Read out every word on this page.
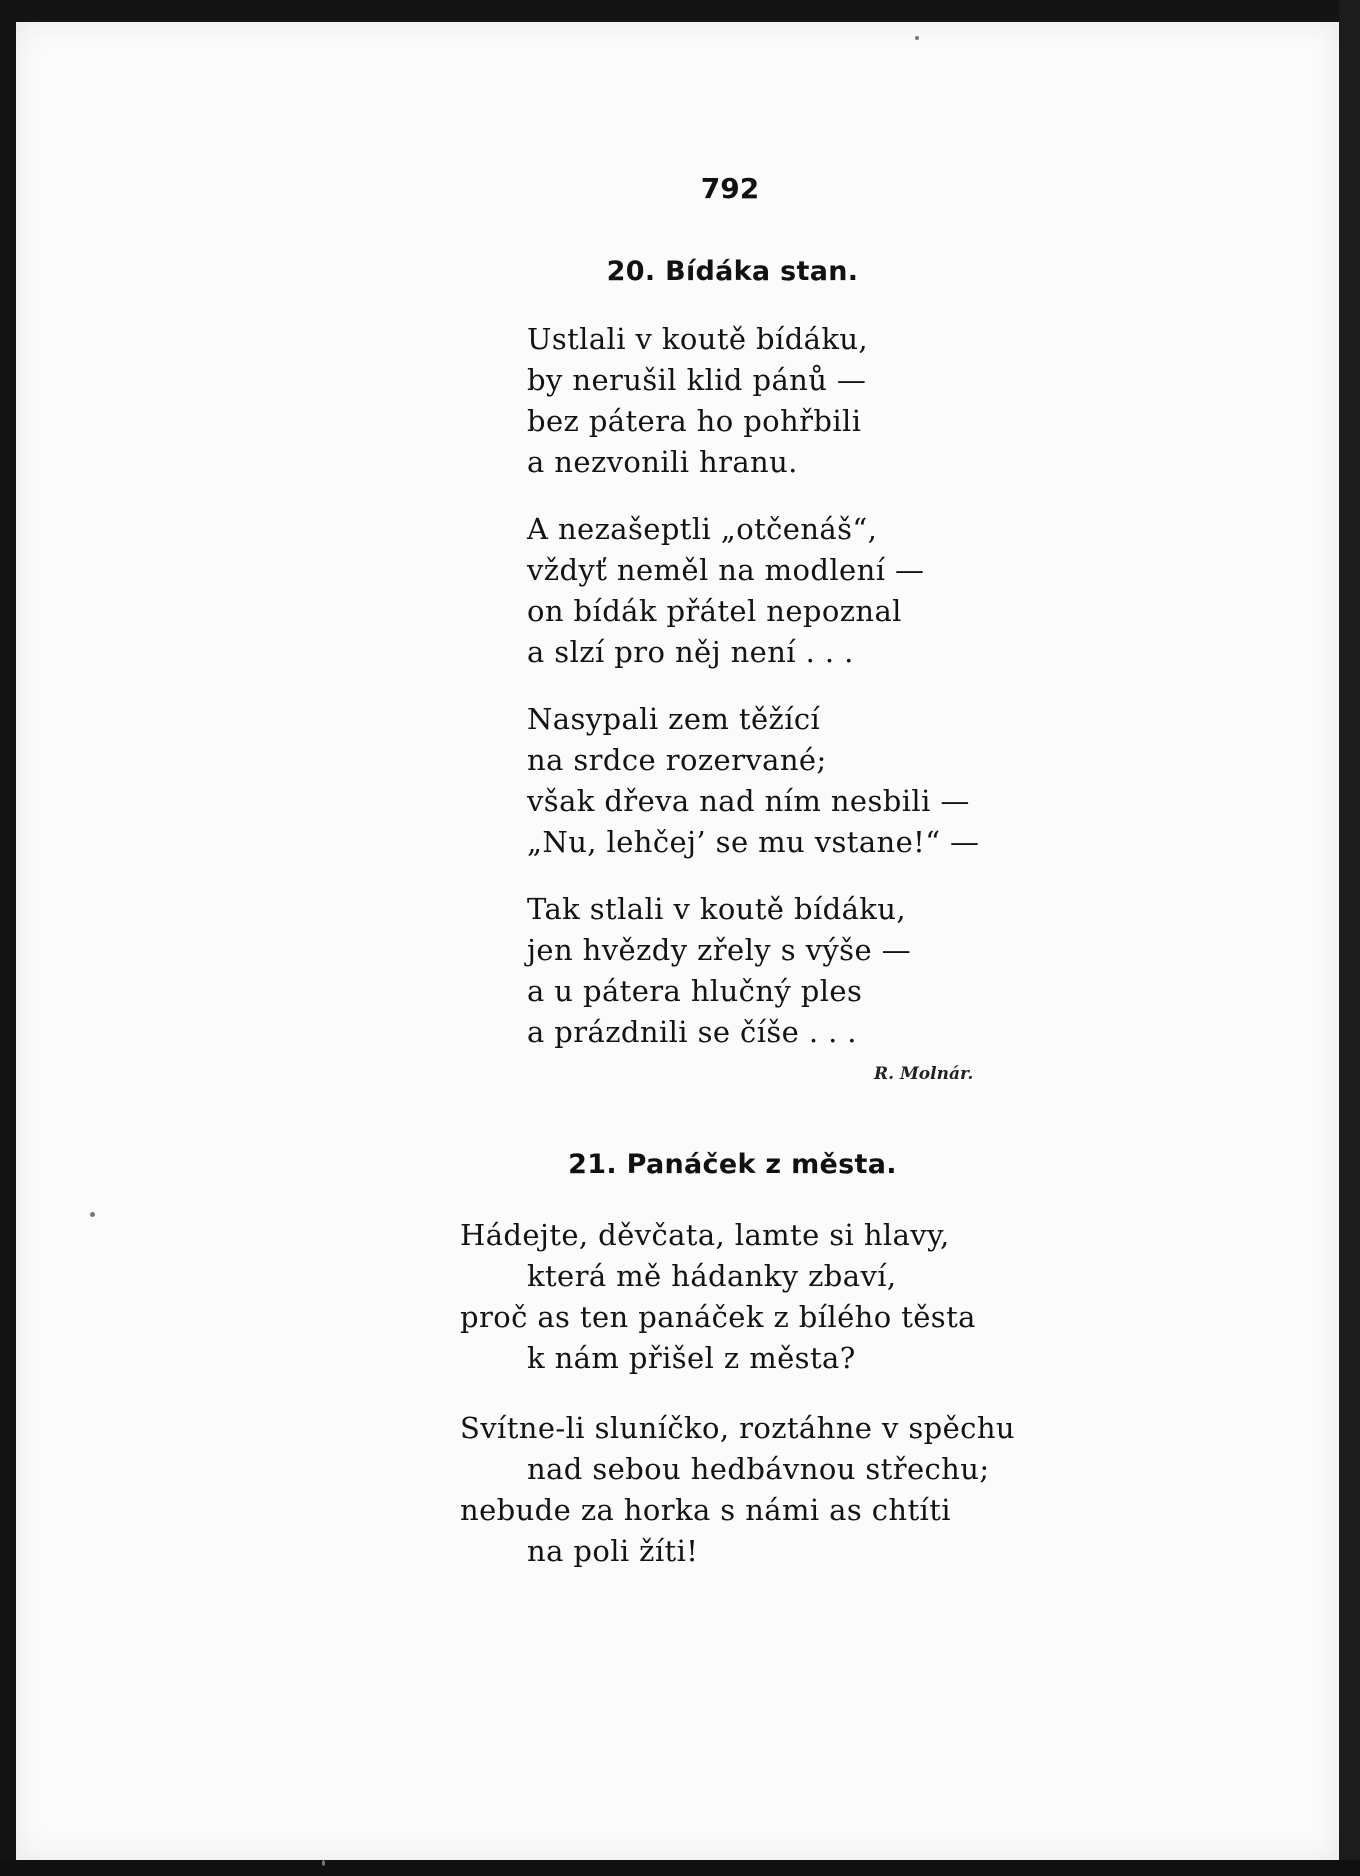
792
20. Bídáka stan.
Ustlali v koutě bídáku,
by nerušil klid pánů —
bez pátera ho pohřbili
a nezvonili hranu.
A nezašeptli „otčenáš“,
vždyť neměl na modlení —
on bídák přátel nepoznal
a slzí pro něj není . . .
Nasypali zem těžící
na srdce rozervané;
však dřeva nad ním nesbili —
„Nu, lehčej’ se mu vstane!“ —
Tak stlali v koutě bídáku,
jen hvězdy zřely s výše —
a u pátera hlučný ples
a prázdnili se číše . . .
R. Molnár.
21. Panáček z města.
Hádejte, děvčata, lamte si hlavy,
která mě hádanky zbaví,
proč as ten panáček z bílého těsta
k nám přišel z města?
Svítne-li sluníčko, roztáhne v spěchu
nad sebou hedbávnou střechu;
nebude za horka s námi as chtíti
na poli žíti!
